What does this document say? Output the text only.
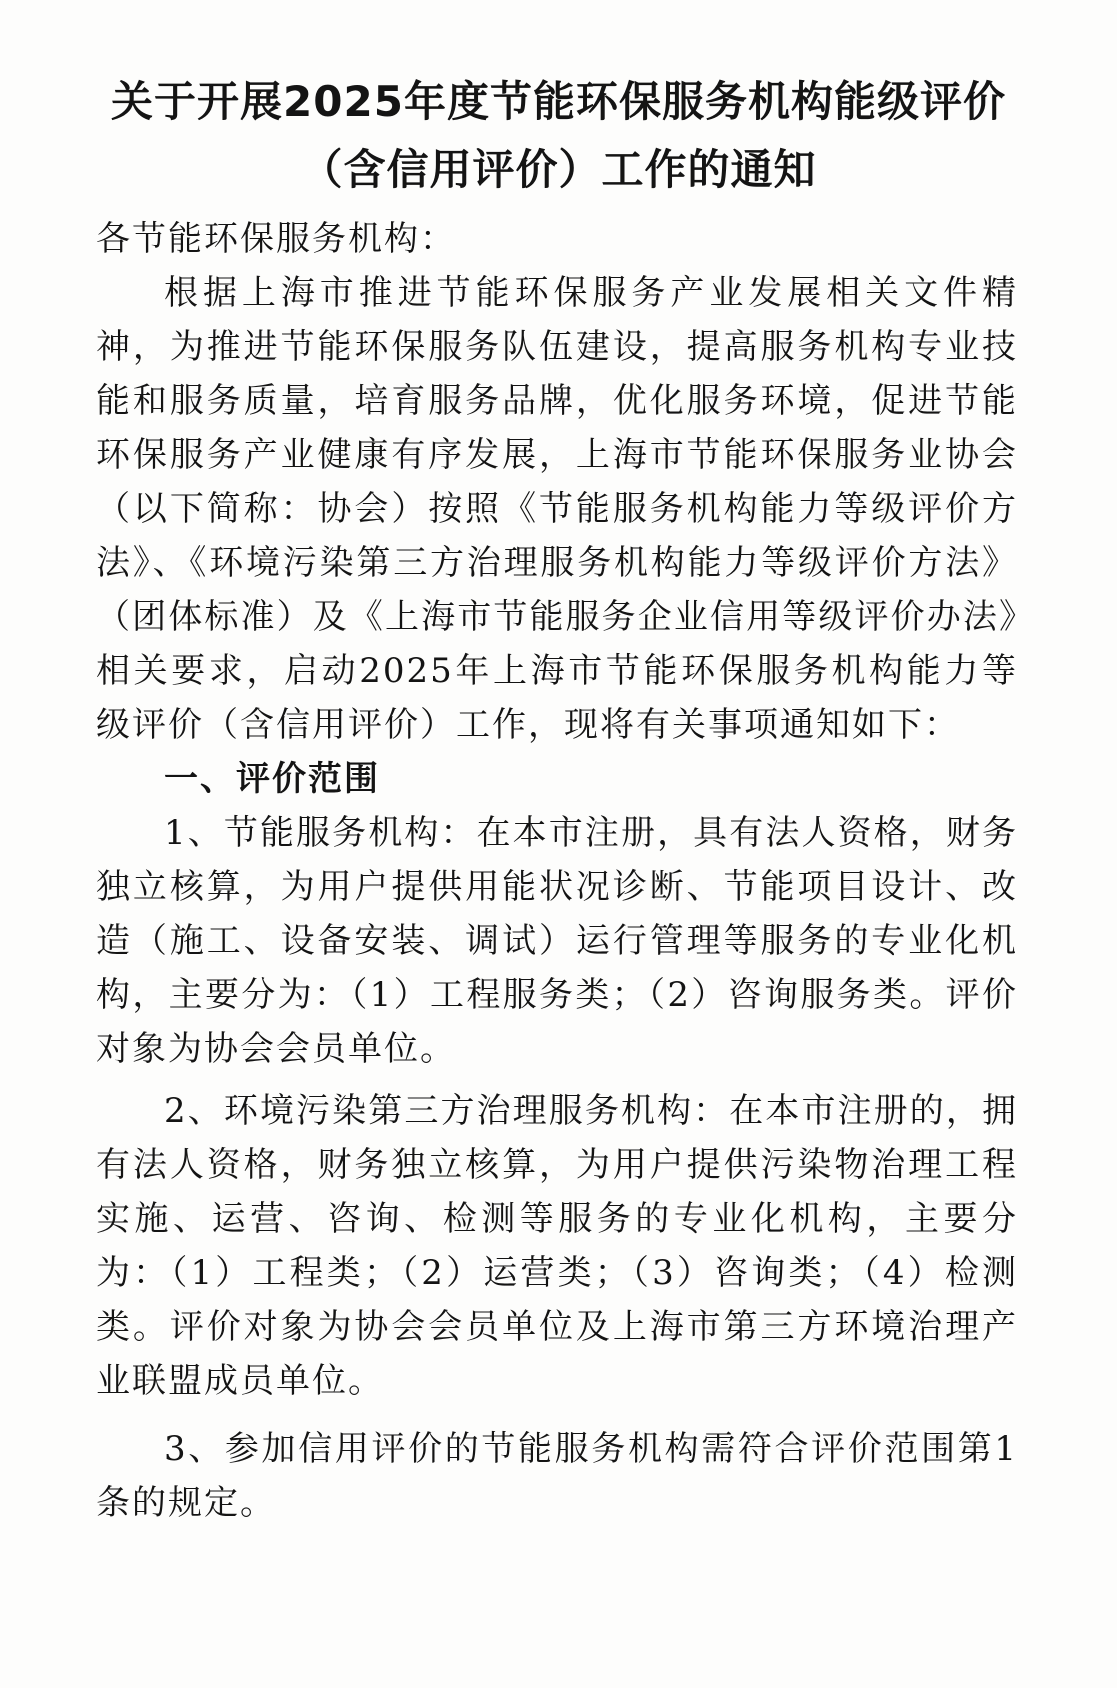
关于开展2025年度节能环保服务机构能级评价
（含信用评价）工作的通知

各节能环保服务机构：

根据上海市推进节能环保服务产业发展相关文件精神，为推进节能环保服务队伍建设，提高服务机构专业技能和服务质量，培育服务品牌，优化服务环境，促进节能环保服务产业健康有序发展，上海市节能环保服务业协会（以下简称：协会）按照《节能服务机构能力等级评价方法》、《环境污染第三方治理服务机构能力等级评价方法》（团体标准）及《上海市节能服务企业信用等级评价办法》相关要求，启动2025年上海市节能环保服务机构能力等级评价（含信用评价）工作，现将有关事项通知如下：

一、评价范围

1、节能服务机构：在本市注册，具有法人资格，财务独立核算，为用户提供用能状况诊断、节能项目设计、改造（施工、设备安装、调试）运行管理等服务的专业化机构，主要分为：（1）工程服务类；（2）咨询服务类。评价对象为协会会员单位。

2、环境污染第三方治理服务机构：在本市注册的，拥有法人资格，财务独立核算，为用户提供污染物治理工程实施、运营、咨询、检测等服务的专业化机构，主要分为：（1）工程类；（2）运营类；（3）咨询类；（4）检测类。评价对象为协会会员单位及上海市第三方环境治理产业联盟成员单位。

3、参加信用评价的节能服务机构需符合评价范围第1条的规定。
